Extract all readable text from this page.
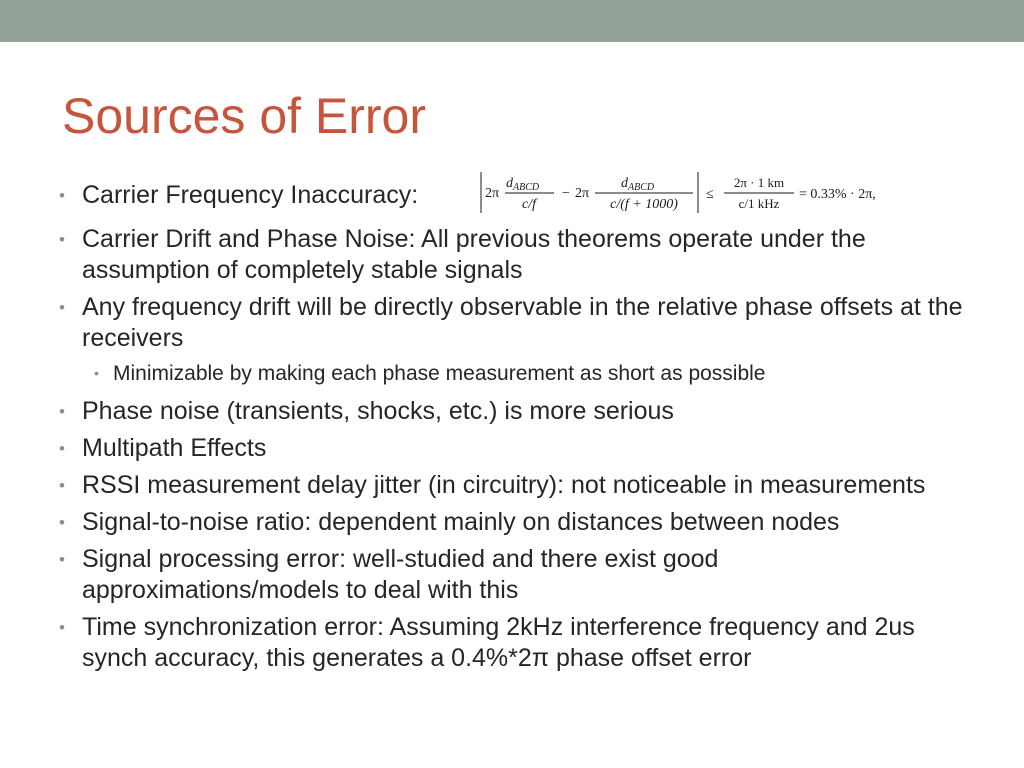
Sources of Error
• Carrier Frequency Inaccuracy:	2π
$d_{ABCD}$
c/f
− 2π
$d_{ABCD}$
c/(f + 1000)
≤
2π · 1 km
c/1 kHz
= 0.33% · 2π,
• Carrier Drift and Phase Noise: All previous theorems operate under the assumption of completely stable signals
• Any frequency drift will be directly observable in the relative phase offsets at the receivers
• Minimizable by making each phase measurement as short as possible
• Phase noise (transients, shocks, etc.) is more serious
• Multipath Effects
• RSSI measurement delay jitter (in circuitry): not noticeable in measurements
• Signal-to-noise ratio: dependent mainly on distances between nodes
• Signal processing error: well-studied and there exist good approximations/models to deal with this
• Time synchronization error: Assuming 2kHz interference frequency and 2us synch accuracy, this generates a 0.4%*2π phase offset error
